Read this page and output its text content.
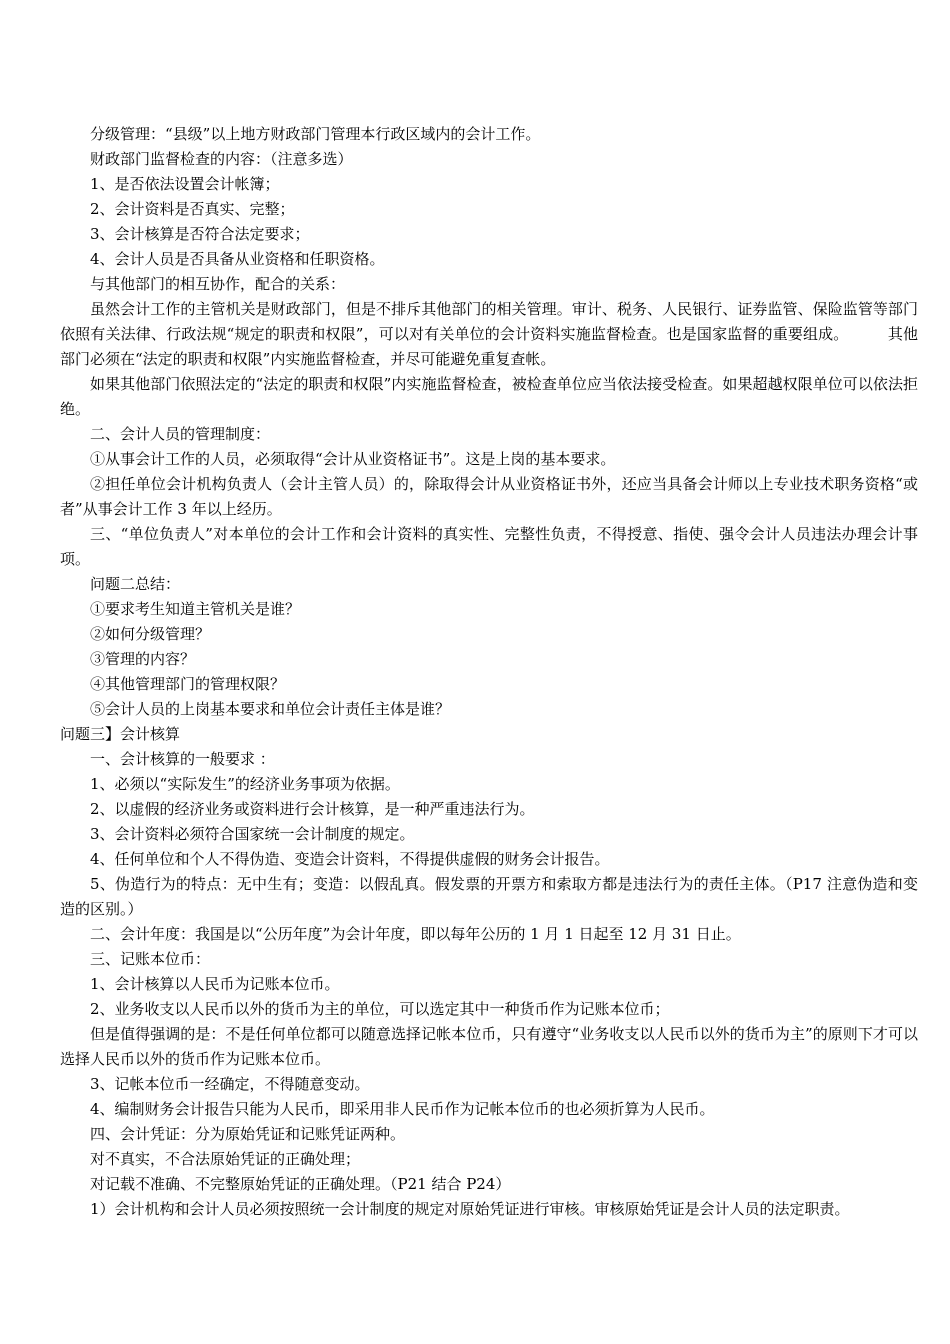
分级管理：“县级”以上地方财政部门管理本行政区域内的会计工作。

财政部门监督检查的内容：（注意多选）

1、是否依法设置会计帐簿；

2、会计资料是否真实、完整；

3、会计核算是否符合法定要求；

4、会计人员是否具备从业资格和任职资格。

与其他部门的相互协作，配合的关系：

虽然会计工作的主管机关是财政部门，但是不排斥其他部门的相关管理。审计、税务、人民银行、证券监管、保险监管等部门依照有关法律、行政法规“规定的职责和权限”，可以对有关单位的会计资料实施监督检查。也是国家监督的重要组成。        其他部门必须在“法定的职责和权限”内实施监督检查，并尽可能避免重复查帐。

如果其他部门依照法定的“法定的职责和权限”内实施监督检查，被检查单位应当依法接受检查。如果超越权限单位可以依法拒绝。

二、会计人员的管理制度：

①从事会计工作的人员，必须取得“会计从业资格证书”。这是上岗的基本要求。

②担任单位会计机构负责人（会计主管人员）的，除取得会计从业资格证书外，还应当具备会计师以上专业技术职务资格“或者”从事会计工作 3 年以上经历。

三、“单位负责人”对本单位的会计工作和会计资料的真实性、完整性负责，不得授意、指使、强令会计人员违法办理会计事项。

问题二总结：

①要求考生知道主管机关是谁？

②如何分级管理？

③管理的内容？

④其他管理部门的管理权限？

⑤会计人员的上岗基本要求和单位会计责任主体是谁？

问题三】会计核算

一、会计核算的一般要求 ：

1、必须以“实际发生”的经济业务事项为依据。

2、以虚假的经济业务或资料进行会计核算，是一种严重违法行为。

3、会计资料必须符合国家统一会计制度的规定。

4、任何单位和个人不得伪造、变造会计资料，不得提供虚假的财务会计报告。

5、伪造行为的特点：无中生有；变造：以假乱真。假发票的开票方和索取方都是违法行为的责任主体。（P17 注意伪造和变造的区别。）

二、会计年度：我国是以“公历年度”为会计年度，即以每年公历的 1 月 1 日起至 12 月 31 日止。

三、记账本位币：

1、会计核算以人民币为记账本位币。

2、业务收支以人民币以外的货币为主的单位，可以选定其中一种货币作为记账本位币；

但是值得强调的是：不是任何单位都可以随意选择记帐本位币，只有遵守“业务收支以人民币以外的货币为主”的原则下才可以选择人民币以外的货币作为记账本位币。

3、记帐本位币一经确定，不得随意变动。

4、编制财务会计报告只能为人民币，即采用非人民币作为记帐本位币的也必须折算为人民币。

四、会计凭证：分为原始凭证和记账凭证两种。

对不真实，不合法原始凭证的正确处理；

对记载不准确、不完整原始凭证的正确处理。（P21 结合 P24）

1）会计机构和会计人员必须按照统一会计制度的规定对原始凭证进行审核。审核原始凭证是会计人员的法定职责。
